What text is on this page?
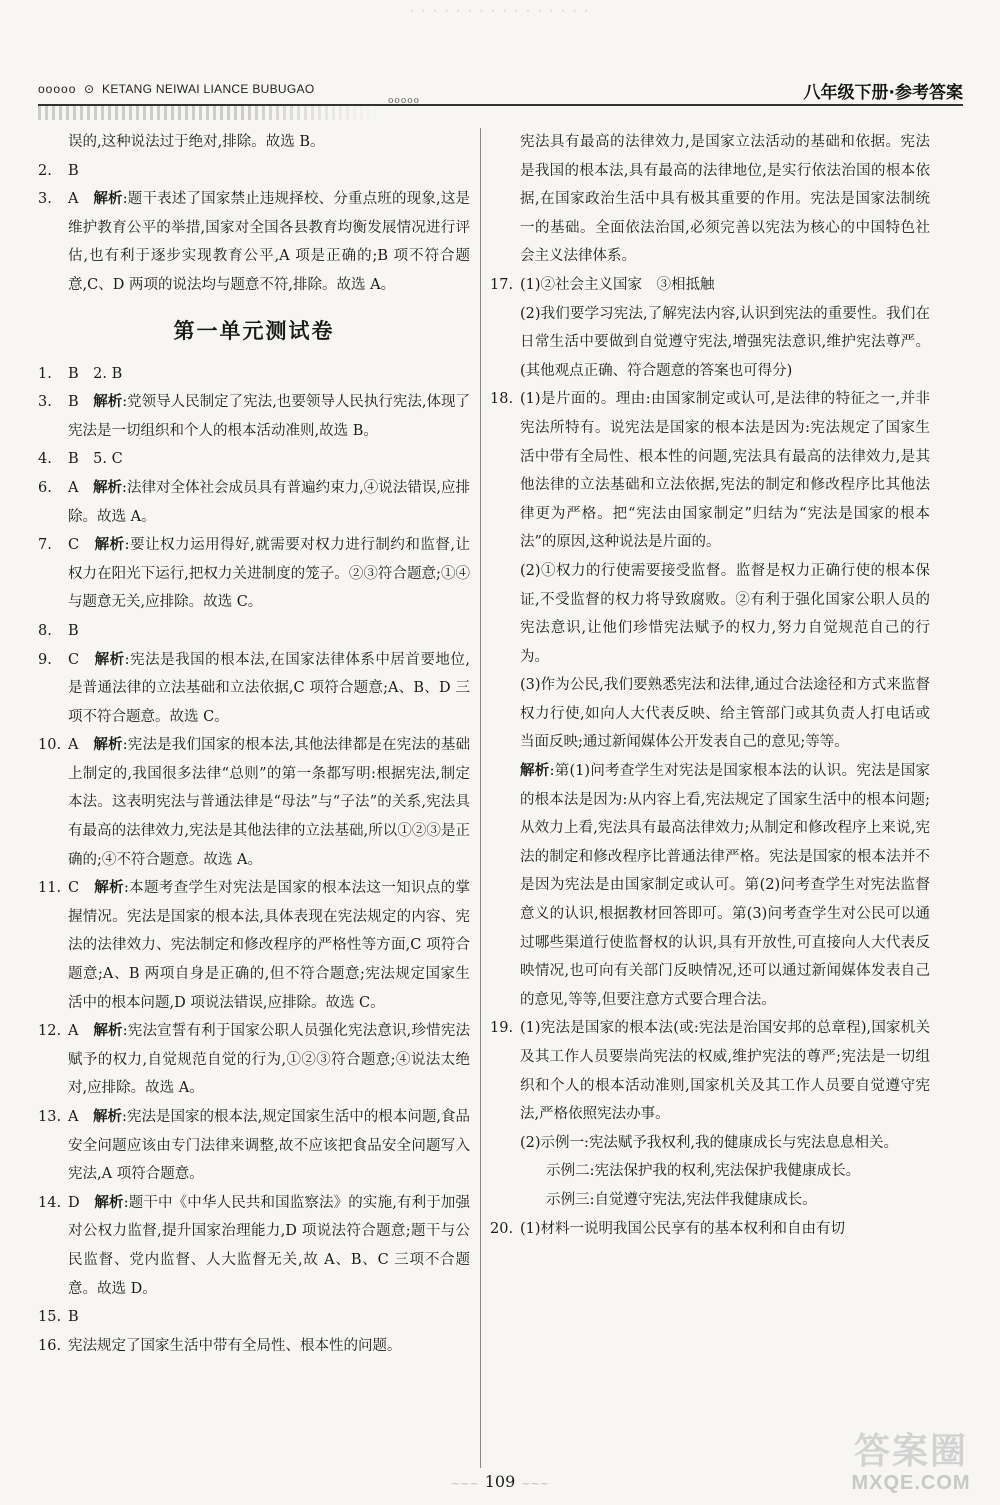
· · · · · · · · · · · · · · · ·
ooooo ⊙ KETANG NEIWAI LIANCE BUBUGAO
ooooo	八年级下册·参考答案
误的,这种说法过于绝对,排除。故选 B。
2.	B
3.	A　 解析:题干表述了国家禁止违规择校、分重点班的现象,这是维护教育公平的举措,国家对全国各县教育均衡发展情况进行评估,也有利于逐步实现教育公平,A 项是正确的;B 项不符合题意,C、D 两项的说法均与题意不符,排除。故选 A。
第一单元测试卷
1.	B　2. B
3.	B　 解析:党领导人民制定了宪法,也要领导人民执行宪法,体现了宪法是一切组织和个人的根本活动准则,故选 B。
4.	B　5. C
6.	A　 解析:法律对全体社会成员具有普遍约束力,④说法错误,应排除。故选 A。
7.	C　 解析:要让权力运用得好,就需要对权力进行制约和监督,让权力在阳光下运行,把权力关进制度的笼子。②③符合题意;①④与题意无关,应排除。故选 C。
8.	B
9.	C　 解析:宪法是我国的根本法,在国家法律体系中居首要地位,是普通法律的立法基础和立法依据,C 项符合题意;A、B、D 三项不符合题意。故选 C。
10. A　 解析:宪法是我们国家的根本法,其他法律都是在宪法的基础上制定的,我国很多法律“总则”的第一条都写明:根据宪法,制定本法。这表明宪法与普通法律是“母法”与“子法”的关系,宪法具有最高的法律效力,宪法是其他法律的立法基础,所以①②③是正确的;④不符合题意。故选 A。
11. C　 解析:本题考查学生对宪法是国家的根本法这一知识点的掌握情况。宪法是国家的根本法,具体表现在宪法规定的内容、宪法的法律效力、宪法制定和修改程序的严格性等方面,C 项符合题意;A、B 两项自身是正确的,但不符合题意;宪法规定国家生活中的根本问题,D 项说法错误,应排除。故选 C。
12. A　 解析:宪法宣誓有利于国家公职人员强化宪法意识,珍惜宪法赋予的权力,自觉规范自觉的行为,①②③符合题意;④说法太绝对,应排除。故选 A。
13. A　 解析:宪法是国家的根本法,规定国家生活中的根本问题,食品安全问题应该由专门法律来调整,故不应该把食品安全问题写入宪法,A 项符合题意。
14. D　 解析:题干中《中华人民共和国监察法》的实施,有利于加强对公权力监督,提升国家治理能力,D 项说法符合题意;题干与公民监督、党内监督、人大监督无关,故 A、B、C 三项不合题意。故选 D。
15. B
16. 宪法规定了国家生活中带有全局性、根本性的问题。
宪法具有最高的法律效力,是国家立法活动的基础和依据。宪法是我国的根本法,具有最高的法律地位,是实行依法治国的根本依据,在国家政治生活中具有极其重要的作用。宪法是国家法制统一的基础。全面依法治国,必须完善以宪法为核心的中国特色社会主义法律体系。
17. (1)②社会主义国家　③相抵触
(2)我们要学习宪法,了解宪法内容,认识到宪法的重要性。我们在日常生活中要做到自觉遵守宪法,增强宪法意识,维护宪法尊严。(其他观点正确、符合题意的答案也可得分)
18. (1)是片面的。理由:由国家制定或认可,是法律的特征之一,并非宪法所特有。说宪法是国家的根本法是因为:宪法规定了国家生活中带有全局性、根本性的问题,宪法具有最高的法律效力,是其他法律的立法基础和立法依据,宪法的制定和修改程序比其他法律更为严格。把“宪法由国家制定”归结为“宪法是国家的根本法”的原因,这种说法是片面的。
(2)①权力的行使需要接受监督。监督是权力正确行使的根本保证,不受监督的权力将导致腐败。②有利于强化国家公职人员的宪法意识,让他们珍惜宪法赋予的权力,努力自觉规范自己的行为。
(3)作为公民,我们要熟悉宪法和法律,通过合法途径和方式来监督权力行使,如向人大代表反映、给主管部门或其负责人打电话或当面反映;通过新闻媒体公开发表自己的意见;等等。
解析:第(1)问考查学生对宪法是国家根本法的认识。宪法是国家的根本法是因为:从内容上看,宪法规定了国家生活中的根本问题;从效力上看,宪法具有最高法律效力;从制定和修改程序上来说,宪法的制定和修改程序比普通法律严格。宪法是国家的根本法并不是因为宪法是由国家制定或认可。第(2)问考查学生对宪法监督意义的认识,根据教材回答即可。第(3)问考查学生对公民可以通过哪些渠道行使监督权的认识,具有开放性,可直接向人大代表反映情况,也可向有关部门反映情况,还可以通过新闻媒体发表自己的意见,等等,但要注意方式要合理合法。
19. (1)宪法是国家的根本法(或:宪法是治国安邦的总章程),国家机关及其工作人员要崇尚宪法的权威,维护宪法的尊严;宪法是一切组织和个人的根本活动准则,国家机关及其工作人员要自觉遵守宪法,严格依照宪法办事。
(2)示例一:宪法赋予我权利,我的健康成长与宪法息息相关。
示例二:宪法保护我的权利,宪法保护我健康成长。
示例三:自觉遵守宪法,宪法伴我健康成长。
20. (1)材料一说明我国公民享有的基本权利和自由有切
~~~ 109 ~~~
答案圈
MXQE.COM
